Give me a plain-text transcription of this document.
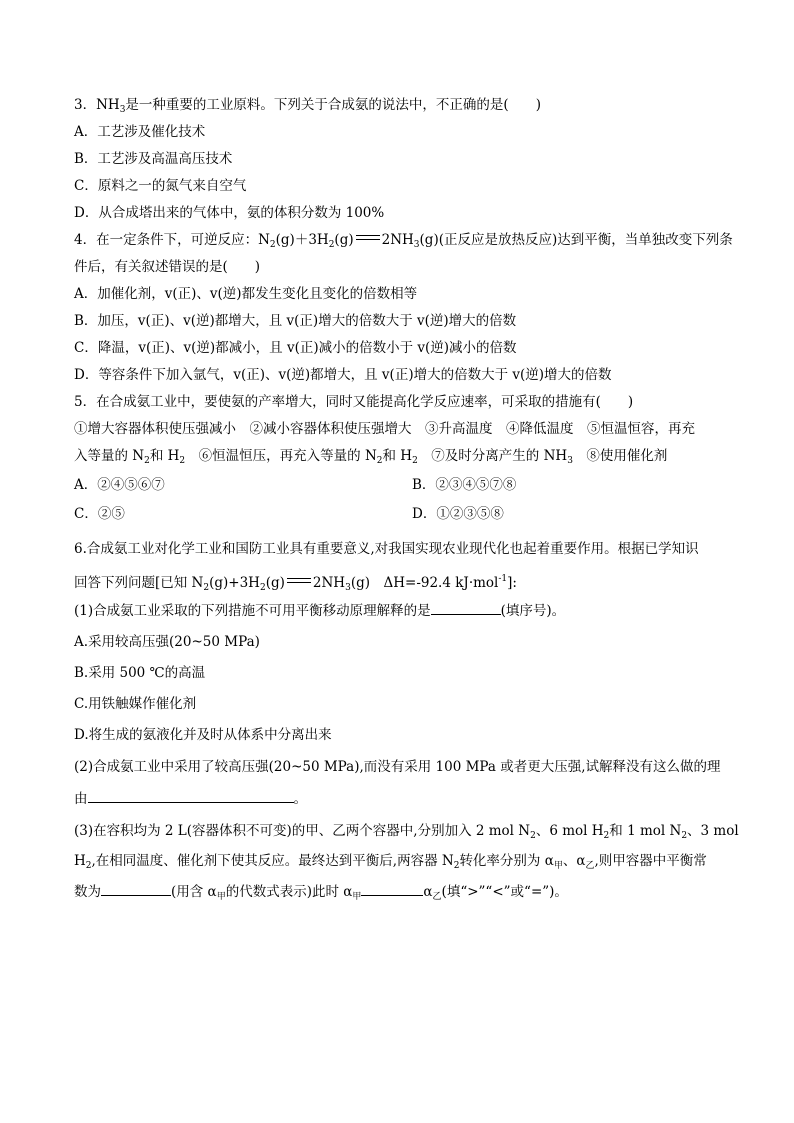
3．$NH_3$是一种重要的工业原料。下列关于合成氨的说法中，不正确的是(　　)
A．工艺涉及催化技术
B．工艺涉及高温高压技术
C．原料之一的氮气来自空气
D．从合成塔出来的气体中，氨的体积分数为 100%
4．在一定条件下，可逆反应：$N_2(g)+3H_2(g)$ $2NH_3(g)$(正反应是放热反应)达到平衡，当单独改变下列条
件后，有关叙述错误的是(　　)
A．加催化剂，v(正)、v(逆)都发生变化且变化的倍数相等
B．加压，v(正)、v(逆)都增大，且 v(正)增大的倍数大于 v(逆)增大的倍数
C．降温，v(正)、v(逆)都减小，且 v(正)减小的倍数小于 v(逆)减小的倍数
D．等容条件下加入氩气，v(正)、v(逆)都增大，且 v(正)增大的倍数大于 v(逆)增大的倍数
5．在合成氨工业中，要使氨的产率增大，同时又能提高化学反应速率，可采取的措施有(　　)
①增大容器体积使压强减小　②减小容器体积使压强增大　③升高温度　④降低温度　⑤恒温恒容，再充
入等量的 $N_2$和 $H_2$　⑥恒温恒压，再充入等量的 $N_2$和 $H_2$　⑦及时分离产生的 $NH_3$　⑧使用催化剂
A．②④⑤⑥⑦	B．②③④⑤⑦⑧
C．②⑤	D．①②③⑤⑧
6.合成氨工业对化学工业和国防工业具有重要意义,对我国实现农业现代化也起着重要作用。根据已学知识
回答下列问题[已知 $N_2(g)+3H_2(g)$ $2NH_3(g)$　ΔH=-92.4 kJ·mol$^{-1}$]:
(1)合成氨工业采取的下列措施不可用平衡移动原理解释的是	(填序号)。
A.采用较高压强(20~50 MPa)
B.采用 500 ℃的高温
C.用铁触媒作催化剂
D.将生成的氨液化并及时从体系中分离出来
(2)合成氨工业中采用了较高压强(20~50 MPa),而没有采用 100 MPa 或者更大压强,试解释没有这么做的理
由	。
(3)在容积均为 2 L(容器体积不可变)的甲、乙两个容器中,分别加入 2 mol $N_2$、6 mol $H_2$和 1 mol $N_2$、3 mol
$H_2$,在相同温度、催化剂下使其反应。最终达到平衡后,两容器 $N_2$转化率分别为 $\alpha_甲$、$\alpha_乙$,则甲容器中平衡常
数为	(用含 $\alpha_甲$的代数式表示)此时 $\alpha_甲$	$\alpha_乙$(填“>”“<”或“=”)。
